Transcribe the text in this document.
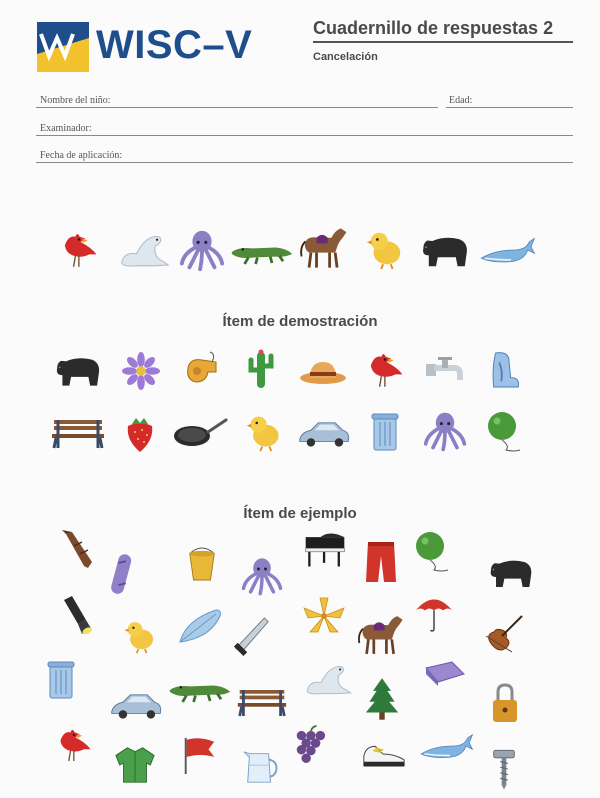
WISC–V	Cuadernillo de respuestas 2
Cancelación
Nombre del niño:	Edad:
Examinador:
Fecha de aplicación:
Ítem de demostración
Ítem de ejemplo
